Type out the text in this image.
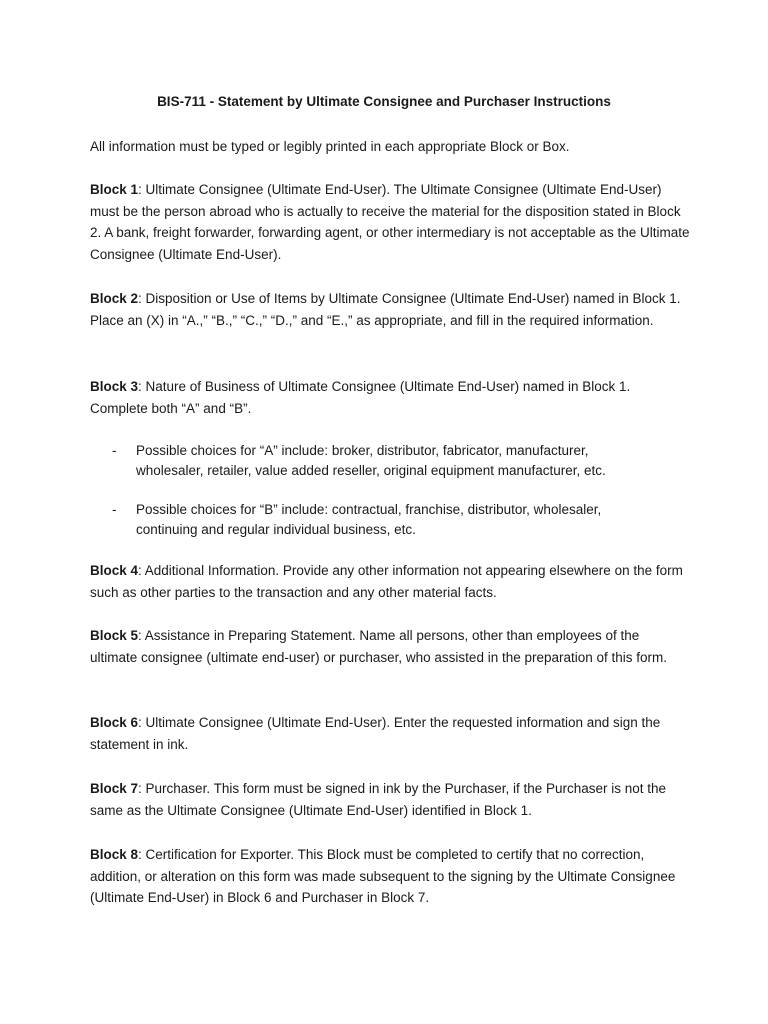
BIS-711 - Statement by Ultimate Consignee and Purchaser Instructions

All information must be typed or legibly printed in each appropriate Block or Box.

Block 1: Ultimate Consignee (Ultimate End-User). The Ultimate Consignee (Ultimate End-User) must be the person abroad who is actually to receive the material for the disposition stated in Block 2. A bank, freight forwarder, forwarding agent, or other intermediary is not acceptable as the Ultimate Consignee (Ultimate End-User).

Block 2: Disposition or Use of Items by Ultimate Consignee (Ultimate End-User) named in Block 1. Place an (X) in “A.,” “B.,” “C.,” “D.,” and “E.,” as appropriate, and fill in the required information.

Block 3: Nature of Business of Ultimate Consignee (Ultimate End-User) named in Block 1. Complete both “A” and “B”.

- Possible choices for “A” include: broker, distributor, fabricator, manufacturer, wholesaler, retailer, value added reseller, original equipment manufacturer, etc.
- Possible choices for “B” include: contractual, franchise, distributor, wholesaler, continuing and regular individual business, etc.

Block 4: Additional Information. Provide any other information not appearing elsewhere on the form such as other parties to the transaction and any other material facts.

Block 5: Assistance in Preparing Statement. Name all persons, other than employees of the ultimate consignee (ultimate end-user) or purchaser, who assisted in the preparation of this form.

Block 6: Ultimate Consignee (Ultimate End-User). Enter the requested information and sign the statement in ink.

Block 7: Purchaser. This form must be signed in ink by the Purchaser, if the Purchaser is not the same as the Ultimate Consignee (Ultimate End-User) identified in Block 1.

Block 8: Certification for Exporter. This Block must be completed to certify that no correction, addition, or alteration on this form was made subsequent to the signing by the Ultimate Consignee (Ultimate End-User) in Block 6 and Purchaser in Block 7.
